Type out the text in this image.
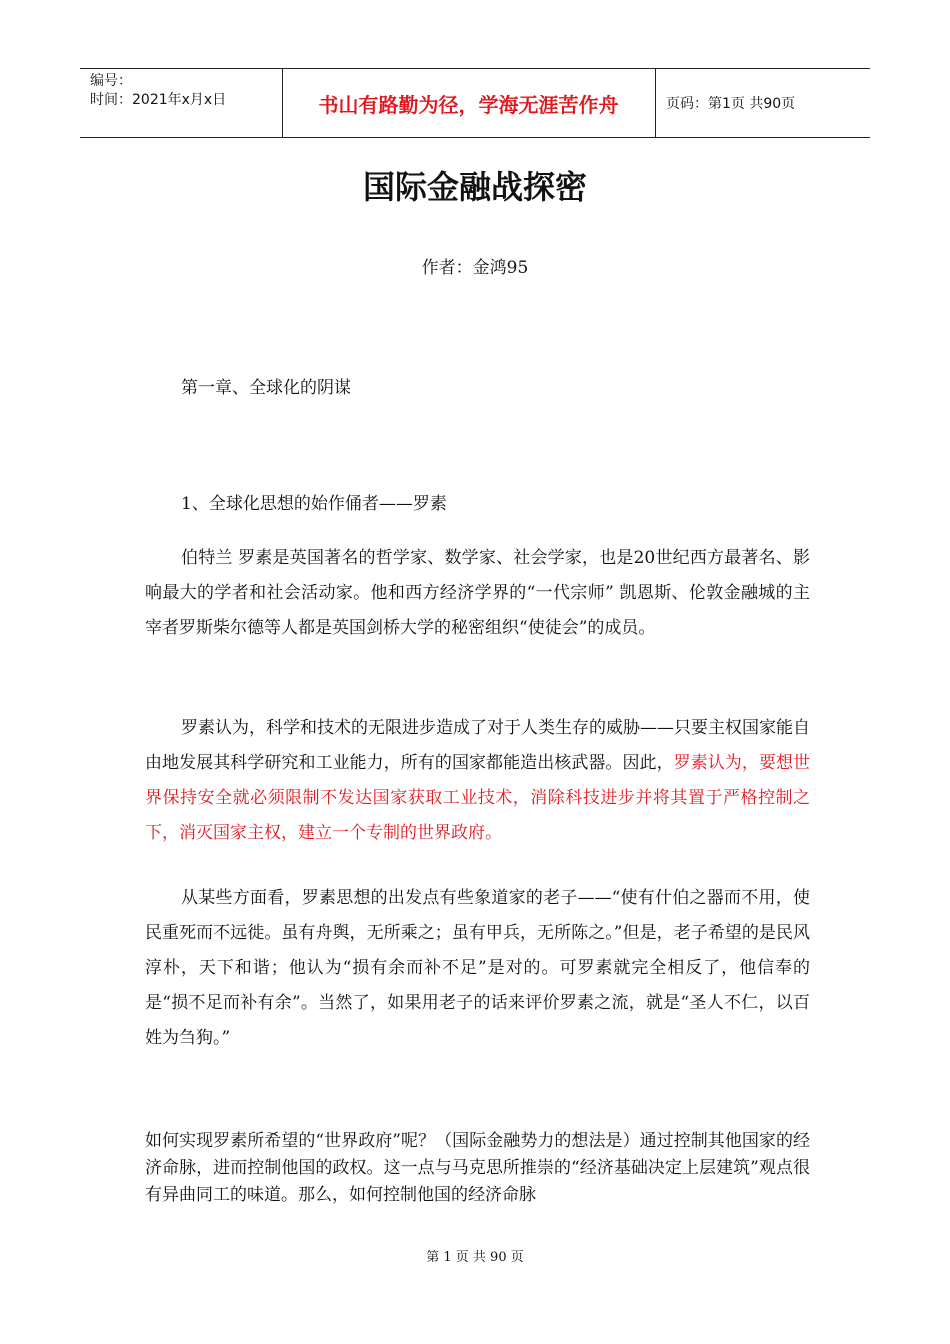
编号：
时间：2021年x月x日	书山有路勤为径，学海无涯苦作舟	页码：第1页 共90页
国际金融战探密
作者：金鸿95
第一章、全球化的阴谋
1、全球化思想的始作俑者——罗素
伯特兰 罗素是英国著名的哲学家、数学家、社会学家，也是20世纪西方最著名、影响最大的学者和社会活动家。他和西方经济学界的“一代宗师” 凯恩斯、伦敦金融城的主宰者罗斯柴尔德等人都是英国剑桥大学的秘密组织“使徒会”的成员。
罗素认为，科学和技术的无限进步造成了对于人类生存的威胁——只要主权国家能自由地发展其科学研究和工业能力，所有的国家都能造出核武器。因此，罗素认为，要想世界保持安全就必须限制不发达国家获取工业技术，消除科技进步并将其置于严格控制之下，消灭国家主权，建立一个专制的世界政府。
从某些方面看，罗素思想的出发点有些象道家的老子——“使有什伯之器而不用，使民重死而不远徙。虽有舟舆，无所乘之；虽有甲兵，无所陈之。”但是，老子希望的是民风淳朴，天下和谐；他认为“损有余而补不足”是对的。可罗素就完全相反了，他信奉的是“损不足而补有余”。当然了，如果用老子的话来评价罗素之流，就是“圣人不仁，以百姓为刍狗。”
如何实现罗素所希望的“世界政府”呢？（国际金融势力的想法是）通过控制其他国家的经济命脉，进而控制他国的政权。这一点与马克思所推崇的“经济基础决定上层建筑”观点很有异曲同工的味道。那么，如何控制他国的经济命脉
第 1 页 共 90 页
